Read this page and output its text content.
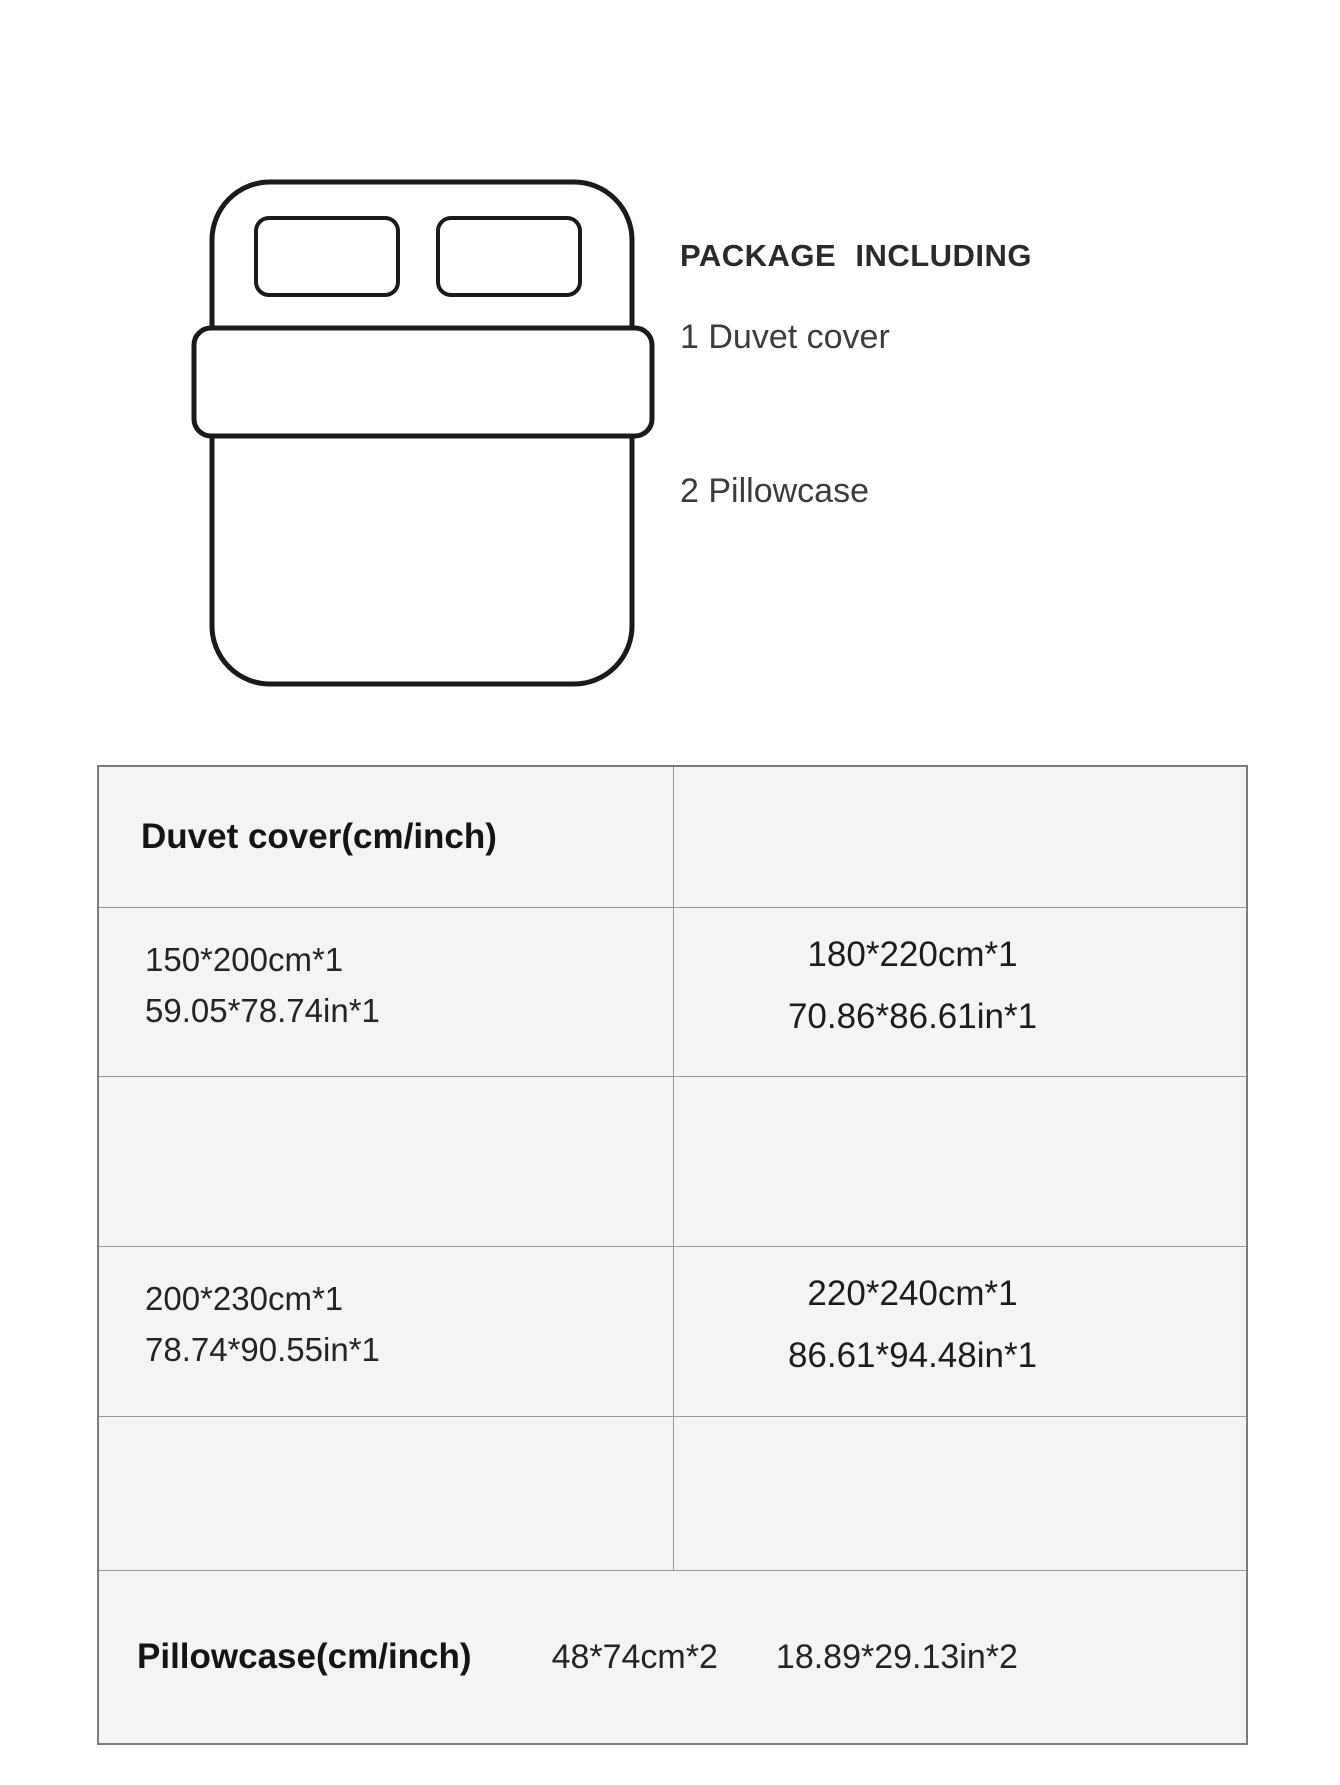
PACKAGE INCLUDING
1 Duvet cover
2 Pillowcase
Duvet cover(cm/inch)
150*200cm*1
59.05*78.74in*1
180*220cm*1
70.86*86.61in*1
200*230cm*1
78.74*90.55in*1
220*240cm*1
86.61*94.48in*1
Pillowcase(cm/inch) 48*74cm*2 18.89*29.13in*2
